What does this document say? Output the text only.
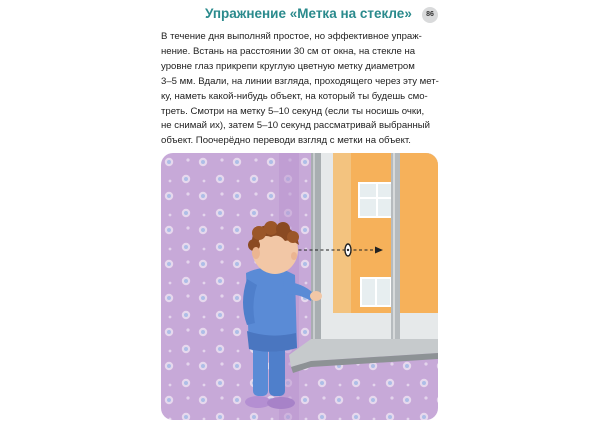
Упражнение «Метка на стекле»	86
В течение дня выполняй простое, но эффективное упраж-
нение. Встань на расстоянии 30 см от окна, на стекле на
уровне глаз прикрепи круглую цветную метку диаметром
3–5 мм. Вдали, на линии взгляда, проходящего через эту мет-
ку, наметь какой-нибудь объект, на который ты будешь смо-
треть. Смотри на метку 5–10 секунд (если ты носишь очки,
не снимай их), затем 5–10 секунд рассматривай выбранный
объект. Поочерёдно переводи взгляд с метки на объект.
